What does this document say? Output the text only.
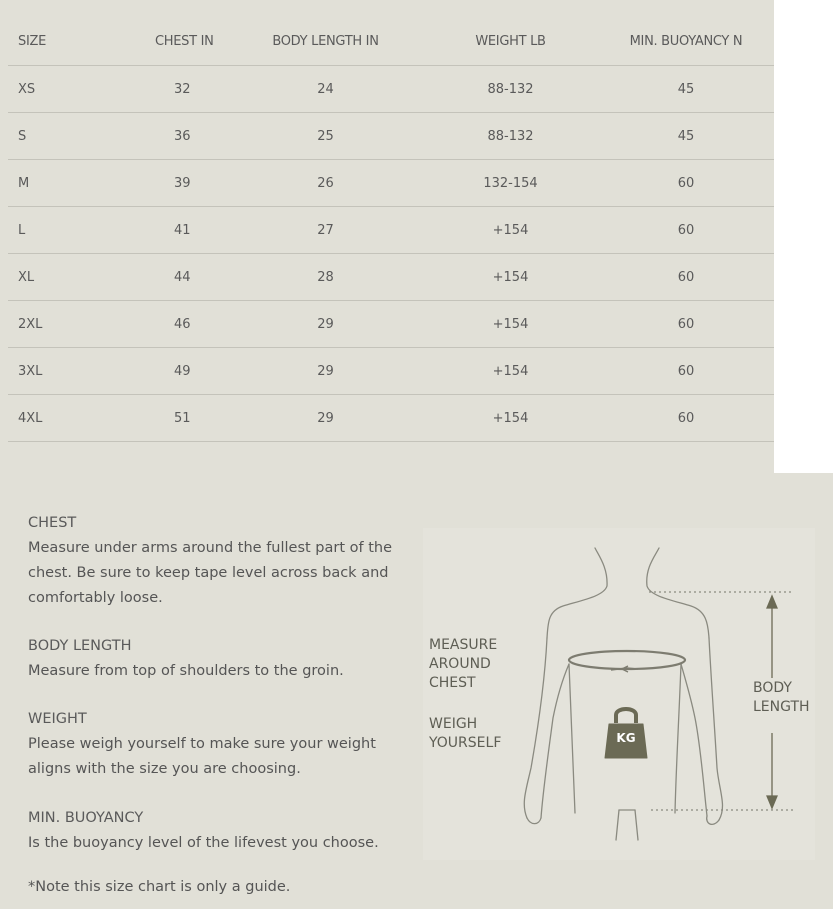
SIZE	CHEST IN	BODY LENGTH IN	WEIGHT LB	MIN. BUOYANCY N
XS	32	24	88-132	45
S	36	25	88-132	45
M	39	26	132-154	60
L	41	27	+154	60
XL	44	28	+154	60
2XL	46	29	+154	60
3XL	49	29	+154	60
4XL	51	29	+154	60
CHEST
Measure under arms around the fullest part of the chest. Be sure to keep tape level across back and comfortably loose.
BODY LENGTH
Measure from top of shoulders to the groin.
WEIGHT
Please weigh yourself to make sure your weight aligns with the size you are choosing.
MIN. BUOYANCY
Is the buoyancy level of the lifevest you choose.
*Note this size chart is only a guide.
KG
MEASURE
AROUND
CHEST
WEIGH
YOURSELF
BODY
LENGTH
